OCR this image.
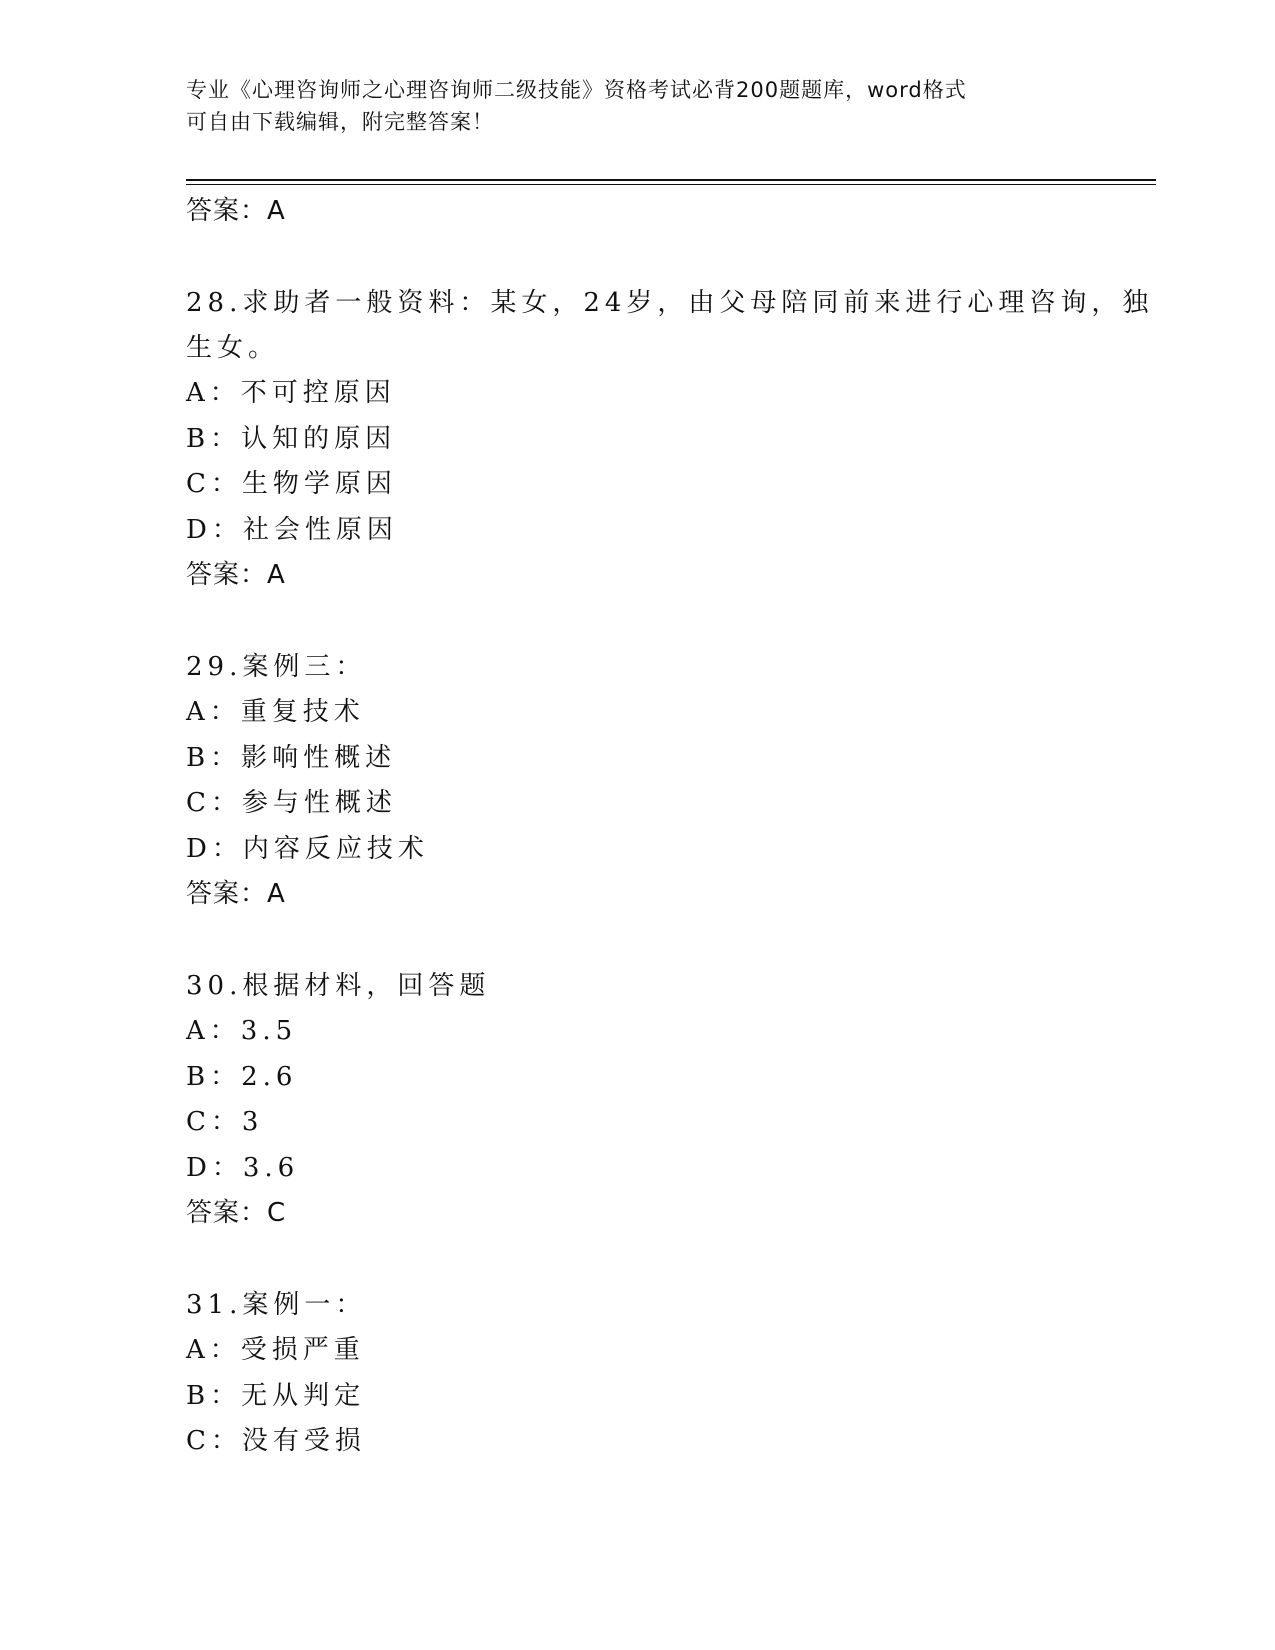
专业《心理咨询师之心理咨询师二级技能》资格考试必背200题题库，word格式
可自由下载编辑，附完整答案！
答案：A
28.求助者一般资料：某女，24岁，由父母陪同前来进行心理咨询，独
生女。
A：不可控原因
B：认知的原因
C：生物学原因
D：社会性原因
答案：A
29.案例三：
A：重复技术
B：影响性概述
C：参与性概述
D：内容反应技术
答案：A
30.根据材料，回答题
A：3.5
B：2.6
C：3
D：3.6
答案：C
31.案例一：
A：受损严重
B：无从判定
C：没有受损
